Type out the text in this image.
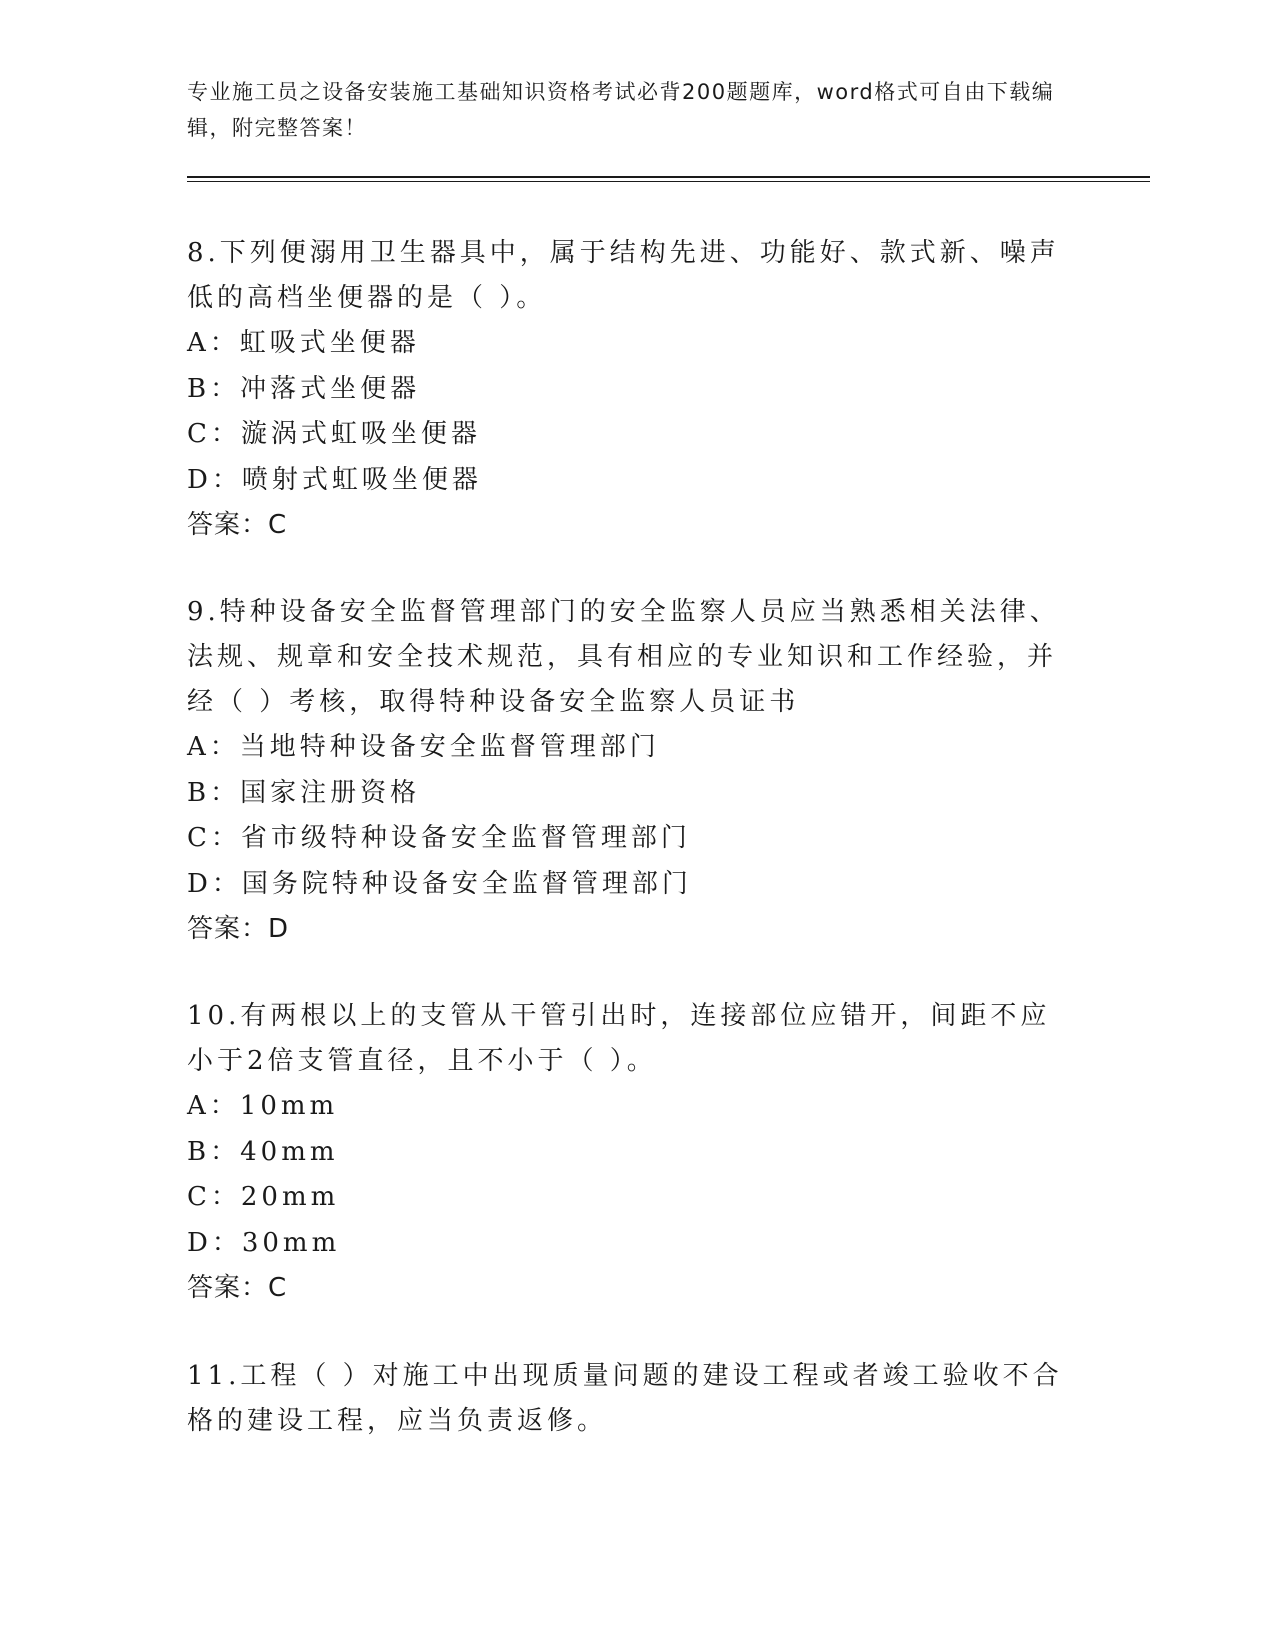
专业施工员之设备安装施工基础知识资格考试必背200题题库，word格式可自由下载编辑，附完整答案！

8.下列便溺用卫生器具中，属于结构先进、功能好、款式新、噪声低的高档坐便器的是（ ）。

A：虹吸式坐便器

B：冲落式坐便器

C：漩涡式虹吸坐便器

D：喷射式虹吸坐便器

答案：C

9.特种设备安全监督管理部门的安全监察人员应当熟悉相关法律、法规、规章和安全技术规范，具有相应的专业知识和工作经验，并经（ ）考核，取得特种设备安全监察人员证书

A：当地特种设备安全监督管理部门

B：国家注册资格

C：省市级特种设备安全监督管理部门

D：国务院特种设备安全监督管理部门

答案：D

10.有两根以上的支管从干管引出时，连接部位应错开，间距不应小于2倍支管直径，且不小于（ ）。

A：10mm

B：40mm

C：20mm

D：30mm

答案：C

11.工程（ ）对施工中出现质量问题的建设工程或者竣工验收不合格的建设工程，应当负责返修。
